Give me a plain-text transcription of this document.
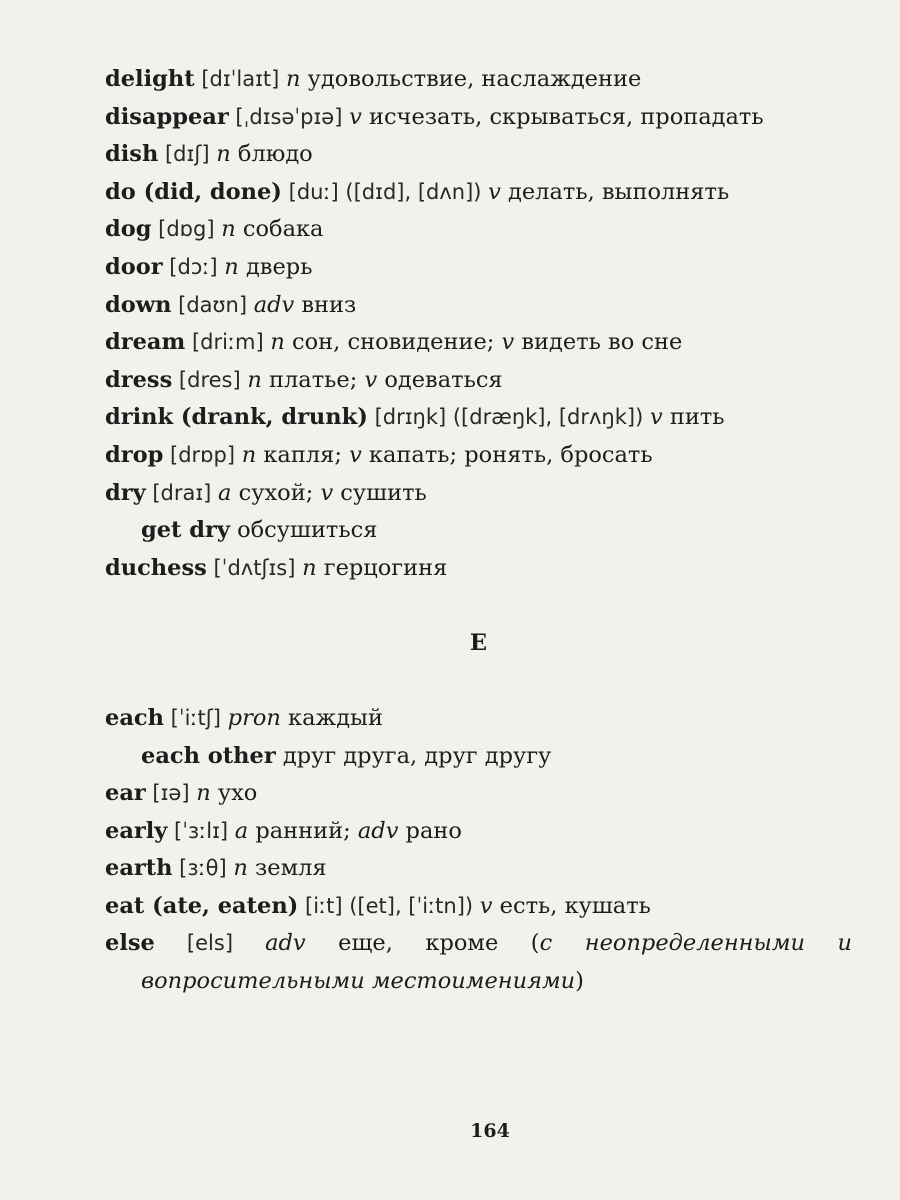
delight [dɪˈlaɪt] n удовольствие, наслаждение
disappear [ˌdɪsəˈpɪə] v исчезать, скрываться, пропадать
dish [dɪʃ] n блюдо
do (did, done) [duː] ([dɪd], [dʌn]) v делать, выполнять
dog [dɒg] n собака
door [dɔː] n дверь
down [daʊn] adv вниз
dream [driːm] n сон, сновидение; v видеть во сне
dress [dres] n платье; v одеваться
drink (drank, drunk) [drɪŋk] ([dræŋk], [drʌŋk]) v пить
drop [drɒp] n капля; v капать; ронять, бросать
dry [draɪ] a сухой; v сушить
get dry обсушиться
duchess [ˈdʌtʃɪs] n герцогиня
E
each [ˈiːtʃ] pron каждый
each other друг друга, друг другу
ear [ɪə] n ухо
early [ˈɜːlɪ] a ранний; adv рано
earth [ɜːθ] n земля
eat (ate, eaten) [iːt] ([et], [ˈiːtn]) v есть, кушать
else [els] adv еще, кроме (с неопределенными и вопросительными местоимениями)
164
